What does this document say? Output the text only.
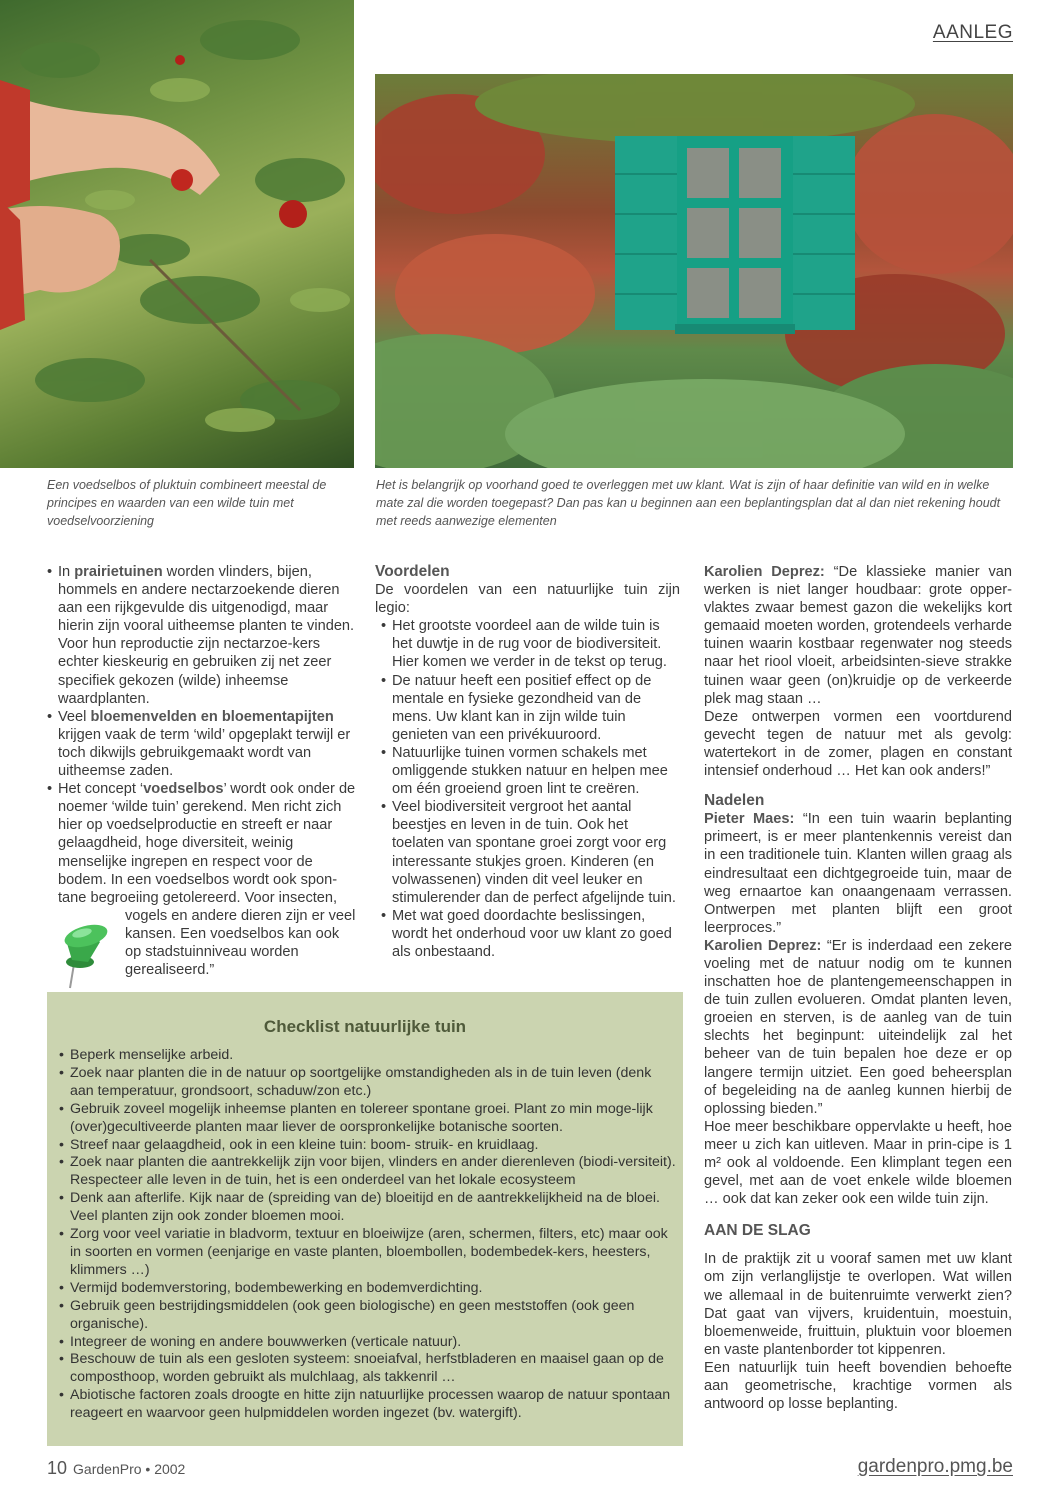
AANLEG
Een voedselbos of pluktuin combineert meestal de principes en waarden van een wilde tuin met voedselvoorziening
Het is belangrijk op voorhand goed te overleggen met uw klant. Wat is zijn of haar definitie van wild en in welke mate zal die worden toegepast? Dan pas kan u beginnen aan een beplantingsplan dat al dan niet rekening houdt met reeds aanwezige elementen
• In prairietuinen worden vlinders, bijen, hommels en andere nectarzoekende dieren aan een rijkgevulde dis uitgenodigd, maar hierin zijn vooral uitheemse planten te vinden. Voor hun reproductie zijn nectarzoe-kers echter kieskeurig en gebruiken zij net zeer specifiek gekozen (wilde) inheemse waardplanten.
• Veel bloemenvelden en bloementapijten krijgen vaak de term ‘wild’ opgeplakt terwijl er toch dikwijls gebruikgemaakt wordt van uitheemse zaden.
• Het concept ‘voedselbos’ wordt ook onder de noemer ‘wilde tuin’ gerekend. Men richt zich hier op voedselproductie en streeft er naar gelaagdheid, hoge diversiteit, weinig menselijke ingrepen en respect voor de bodem. In een voedselbos wordt ook spon-tane begroeiing getolereerd. Voor insecten,

vogels en andere dieren zijn er veel kansen. Een voedselbos kan ook op stadstuinniveau worden gerealiseerd.”

Voordelen

De voordelen van een natuurlijke tuin zijn legio:

• Het grootste voordeel aan de wilde tuin is het duwtje in de rug voor de biodiversiteit. Hier komen we verder in de tekst op terug.
• De natuur heeft een positief effect op de mentale en fysieke gezondheid van de mens. Uw klant kan in zijn wilde tuin genieten van een privékuuroord.
• Natuurlijke tuinen vormen schakels met omliggende stukken natuur en helpen mee om één groeiend groen lint te creëren.
• Veel biodiversiteit vergroot het aantal beestjes en leven in de tuin. Ook het toelaten van spontane groei zorgt voor erg interessante stukjes groen. Kinderen (en volwassenen) vinden dit veel leuker en stimulerender dan de perfect afgelijnde tuin.
• Met wat goed doordachte beslissingen, wordt het onderhoud voor uw klant zo goed als onbestaand.

Karolien Deprez: “De klassieke manier van werken is niet langer houdbaar: grote opper-vlaktes zwaar bemest gazon die wekelijks kort gemaaid moeten worden, grotendeels verharde tuinen waarin kostbaar regenwater nog steeds naar het riool vloeit, arbeidsinten-sieve strakke tuinen waar geen (on)kruidje op de verkeerde plek mag staan …

Deze ontwerpen vormen een voortdurend gevecht tegen de natuur met als gevolg: watertekort in de zomer, plagen en constant intensief onderhoud … Het kan ook anders!”

Nadelen

Pieter Maes: “In een tuin waarin beplanting primeert, is er meer plantenkennis vereist dan in een traditionele tuin. Klanten willen graag als eindresultaat een dichtgegroeide tuin, maar de weg ernaartoe kan onaangenaam verrassen. Ontwerpen met planten blijft een groot leerproces.”

Karolien Deprez: “Er is inderdaad een zekere voeling met de natuur nodig om te kunnen inschatten hoe de plantengemeenschappen in de tuin zullen evolueren. Omdat planten leven, groeien en sterven, is de aanleg van de tuin slechts het beginpunt: uiteindelijk zal het beheer van de tuin bepalen hoe deze er op langere termijn uitziet. Een goed beheersplan of begeleiding na de aanleg kunnen hierbij de oplossing bieden.”

Hoe meer beschikbare oppervlakte u heeft, hoe meer u zich kan uitleven. Maar in prin-cipe is 1 m² ook al voldoende. Een klimplant tegen een gevel, met aan de voet enkele wilde bloemen … ook dat kan zeker ook een wilde tuin zijn.

AAN DE SLAG

In de praktijk zit u vooraf samen met uw klant om zijn verlanglijstje te overlopen. Wat willen we allemaal in de buitenruimte verwerkt zien? Dat gaat van vijvers, kruidentuin, moestuin, bloemenweide, fruittuin, pluktuin voor bloemen en vaste plantenborder tot kippenren.

Een natuurlijk tuin heeft bovendien behoefte aan geometrische, krachtige vormen als antwoord op losse beplanting.

Checklist natuurlijke tuin
• Beperk menselijke arbeid.
• Zoek naar planten die in de natuur op soortgelijke omstandigheden als in de tuin leven (denk aan temperatuur, grondsoort, schaduw/zon etc.)
• Gebruik zoveel mogelijk inheemse planten en tolereer spontane groei. Plant zo min moge-lijk (over)gecultiveerde planten maar liever de oorspronkelijke botanische soorten.
• Streef naar gelaagdheid, ook in een kleine tuin: boom- struik- en kruidlaag.
• Zoek naar planten die aantrekkelijk zijn voor bijen, vlinders en ander dierenleven (biodi-versiteit). Respecteer alle leven in de tuin, het is een onderdeel van het lokale ecosysteem
• Denk aan afterlife. Kijk naar de (spreiding van de) bloeitijd en de aantrekkelijkheid na de bloei. Veel planten zijn ook zonder bloemen mooi.
• Zorg voor veel variatie in bladvorm, textuur en bloeiwijze (aren, schermen, filters, etc) maar ook in soorten en vormen (eenjarige en vaste planten, bloembollen, bodembedek-kers, heesters, klimmers …)
• Vermijd bodemverstoring, bodembewerking en bodemverdichting.
• Gebruik geen bestrijdingsmiddelen (ook geen biologische) en geen meststoffen (ook geen organische).
• Integreer de woning en andere bouwwerken (verticale natuur).
• Beschouw de tuin als een gesloten systeem: snoeiafval, herfstbladeren en maaisel gaan op de composthoop, worden gebruikt als mulchlaag, als takkenril …
• Abiotische factoren zoals droogte en hitte zijn natuurlijke processen waarop de natuur spontaan reageert en waarvoor geen hulpmiddelen worden ingezet (bv. watergift).
10 GardenPro • 2002	gardenpro.pmg.be
